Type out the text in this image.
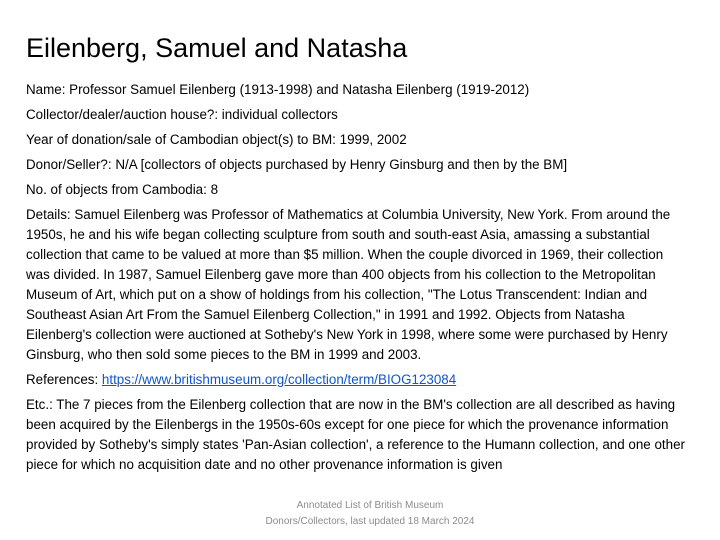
Eilenberg, Samuel and Natasha

Name: Professor Samuel Eilenberg (1913-1998) and Natasha Eilenberg (1919-2012)

Collector/dealer/auction house?: individual collectors

Year of donation/sale of Cambodian object(s) to BM: 1999, 2002

Donor/Seller?: N/A [collectors of objects purchased by Henry Ginsburg and then by the BM]

No. of objects from Cambodia: 8

Details: Samuel Eilenberg was Professor of Mathematics at Columbia University, New York. From around the 1950s, he and his wife began collecting sculpture from south and south-east Asia, amassing a substantial collection that came to be valued at more than $5 million. When the couple divorced in 1969, their collection was divided. In 1987, Samuel Eilenberg gave more than 400 objects from his collection to the Metropolitan Museum of Art, which put on a show of holdings from his collection, "The Lotus Transcendent: Indian and Southeast Asian Art From the Samuel Eilenberg Collection," in 1991 and 1992. Objects from Natasha Eilenberg's collection were auctioned at Sotheby's New York in 1998, where some were purchased by Henry Ginsburg, who then sold some pieces to the BM in 1999 and 2003.

References: https://www.britishmuseum.org/collection/term/BIOG123084

Etc.: The 7 pieces from the Eilenberg collection that are now in the BM's collection are all described as having been acquired by the Eilenbergs in the 1950s-60s except for one piece for which the provenance information provided by Sotheby's simply states 'Pan-Asian collection', a reference to the Humann collection, and one other piece for which no acquisition date and no other provenance information is given

Annotated List of British Museum
Donors/Collectors, last updated 18 March 2024
